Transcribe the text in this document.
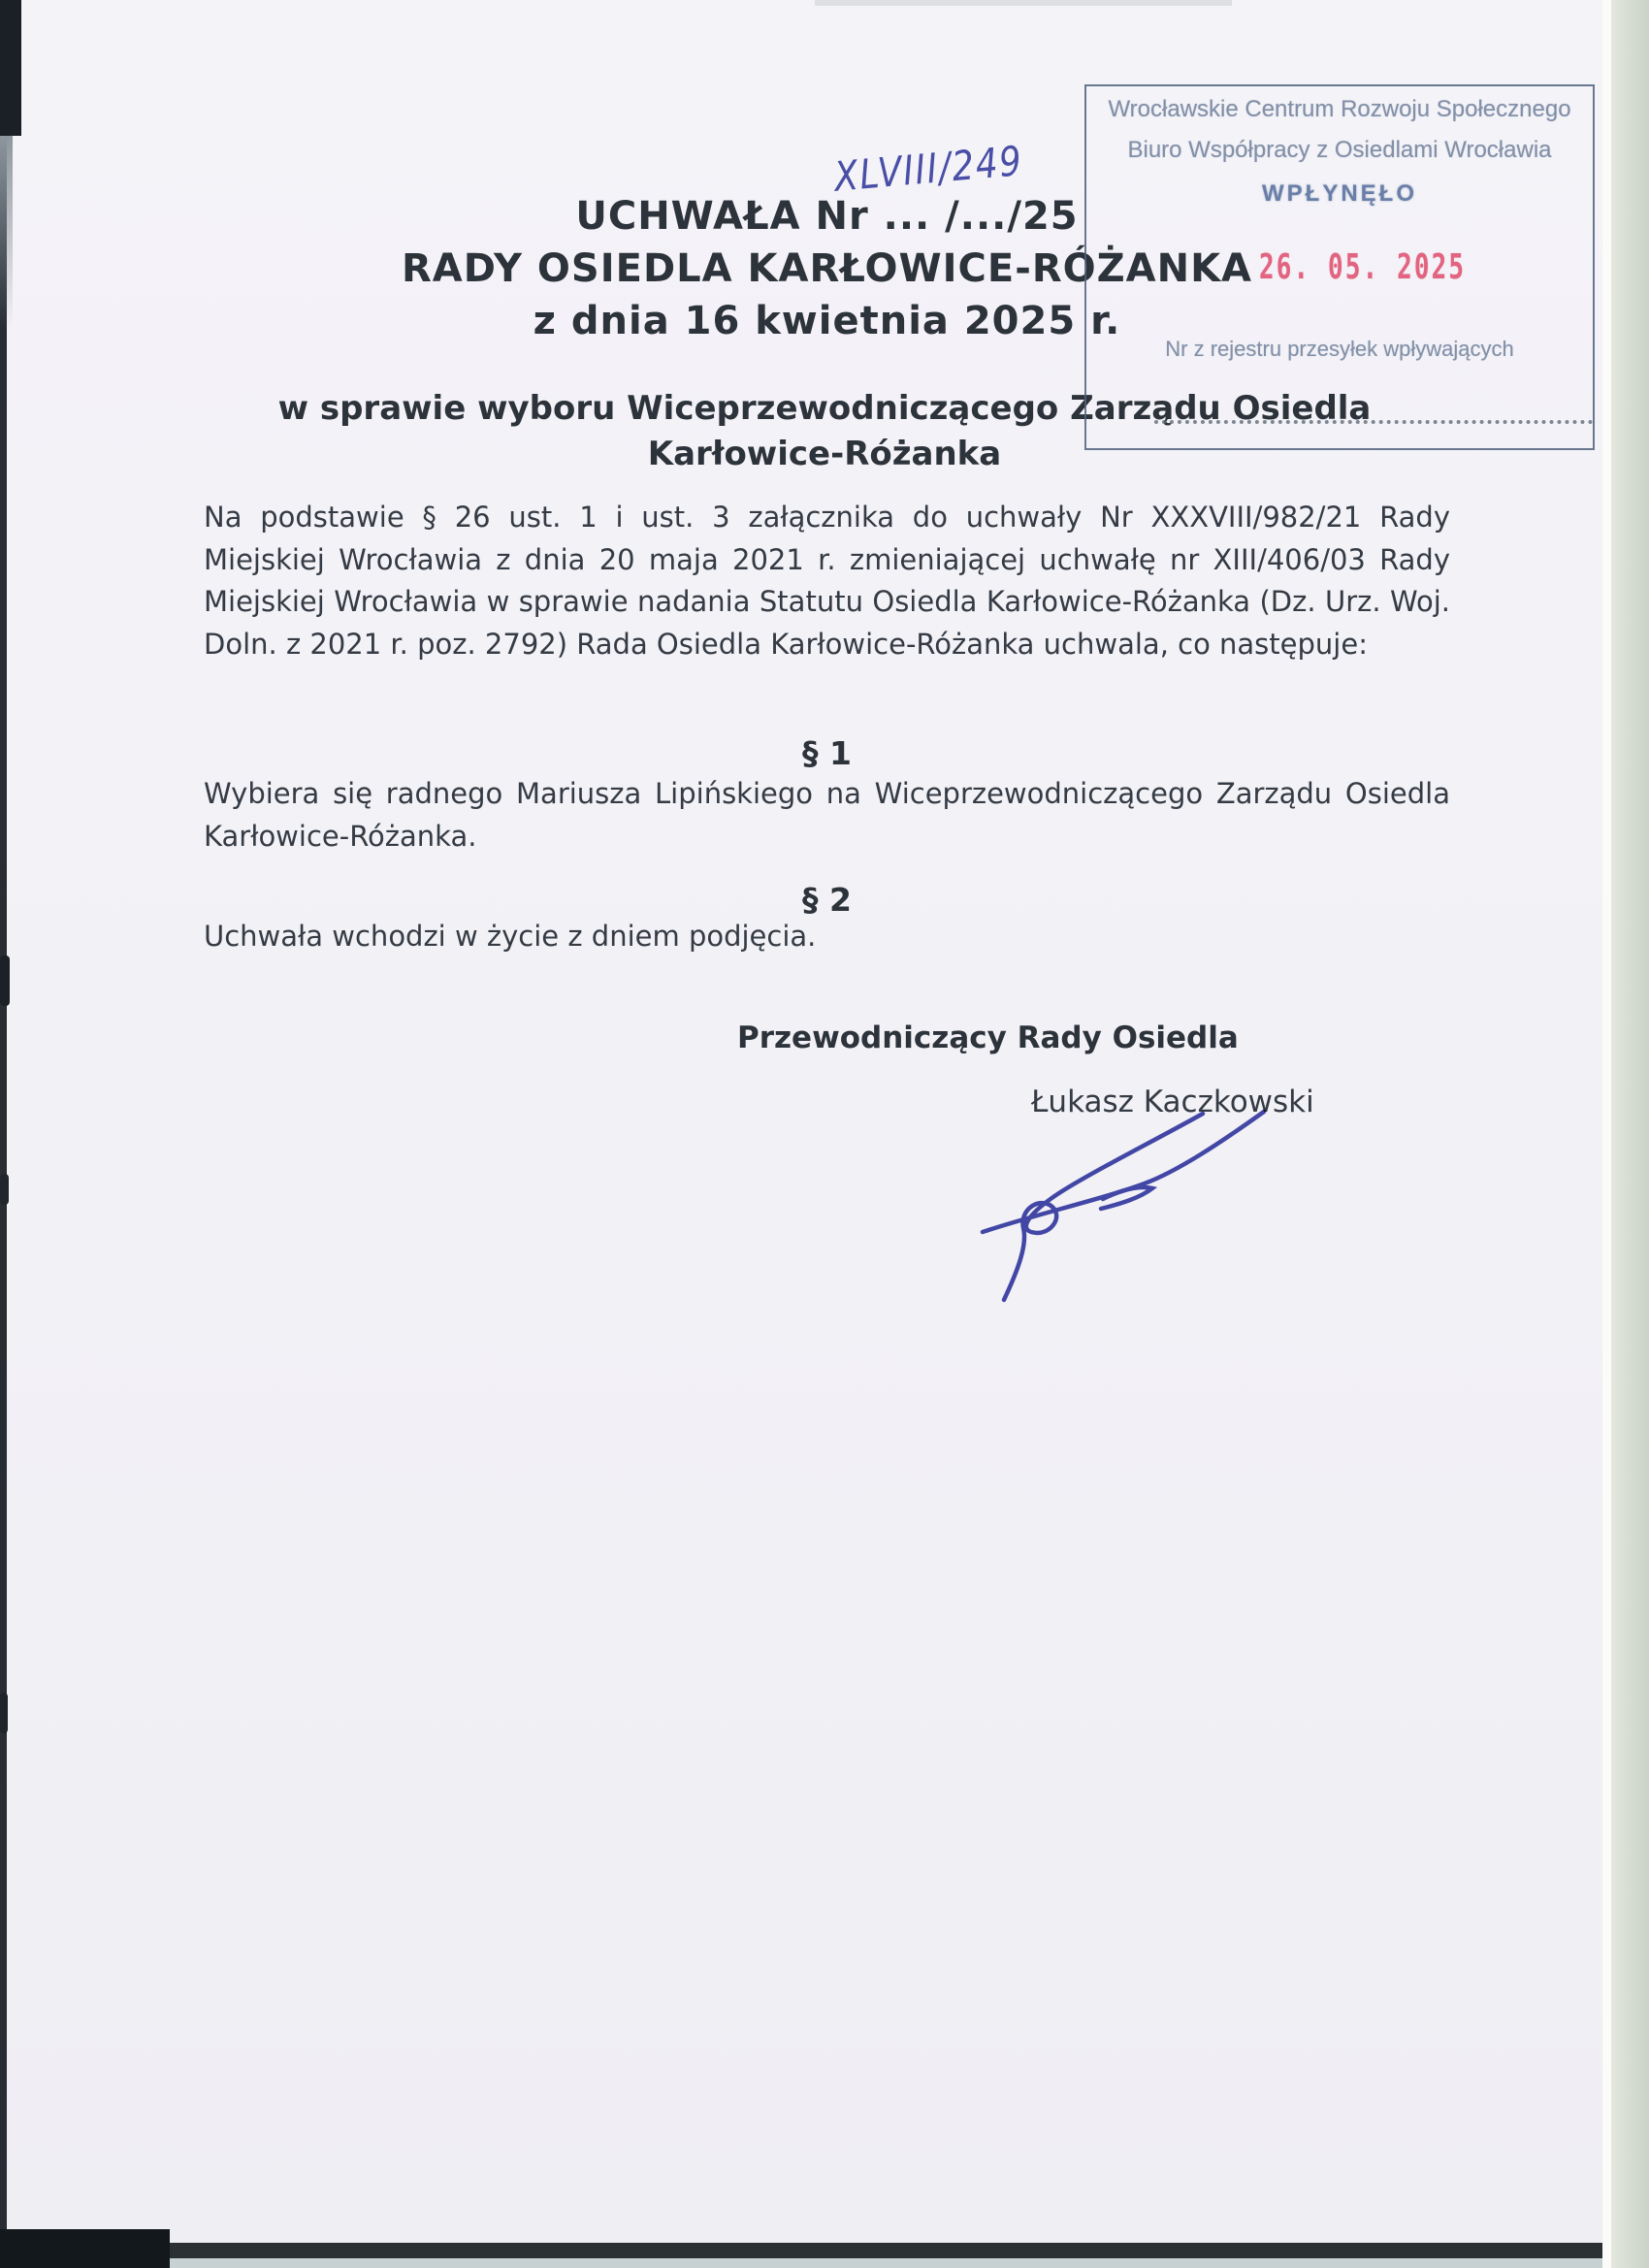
UCHWAŁA Nr ... /.../25
RADY OSIEDLA KARŁOWICE-RÓŻANKA
z dnia 16 kwietnia 2025 r.
XLVIII/249
w sprawie wyboru Wiceprzewodniczącego Zarządu Osiedla
Karłowice-Różanka

Na podstawie § 26 ust. 1 i ust. 3 załącznika do uchwały Nr XXXVIII/982/21 Rady Miejskiej Wrocławia z dnia 20 maja 2021 r. zmieniającej uchwałę nr XIII/406/03 Rady Miejskiej Wrocławia w sprawie nadania Statutu Osiedla Karłowice-Różanka (Dz. Urz. Woj. Doln. z 2021 r. poz. 2792) Rada Osiedla Karłowice-Różanka uchwala, co następuje:

§ 1

Wybiera się radnego Mariusza Lipińskiego na Wiceprzewodniczącego Zarządu Osiedla Karłowice-Różanka.

§ 2

Uchwała wchodzi w życie z dniem podjęcia.

Przewodniczący Rady Osiedla
Łukasz Kaczkowski
Wrocławskie Centrum Rozwoju Społecznego
Biuro Współpracy z Osiedlami Wrocławia
WPŁYNĘŁO
26. 05. 2025
Nr z rejestru przesyłek wpływających
